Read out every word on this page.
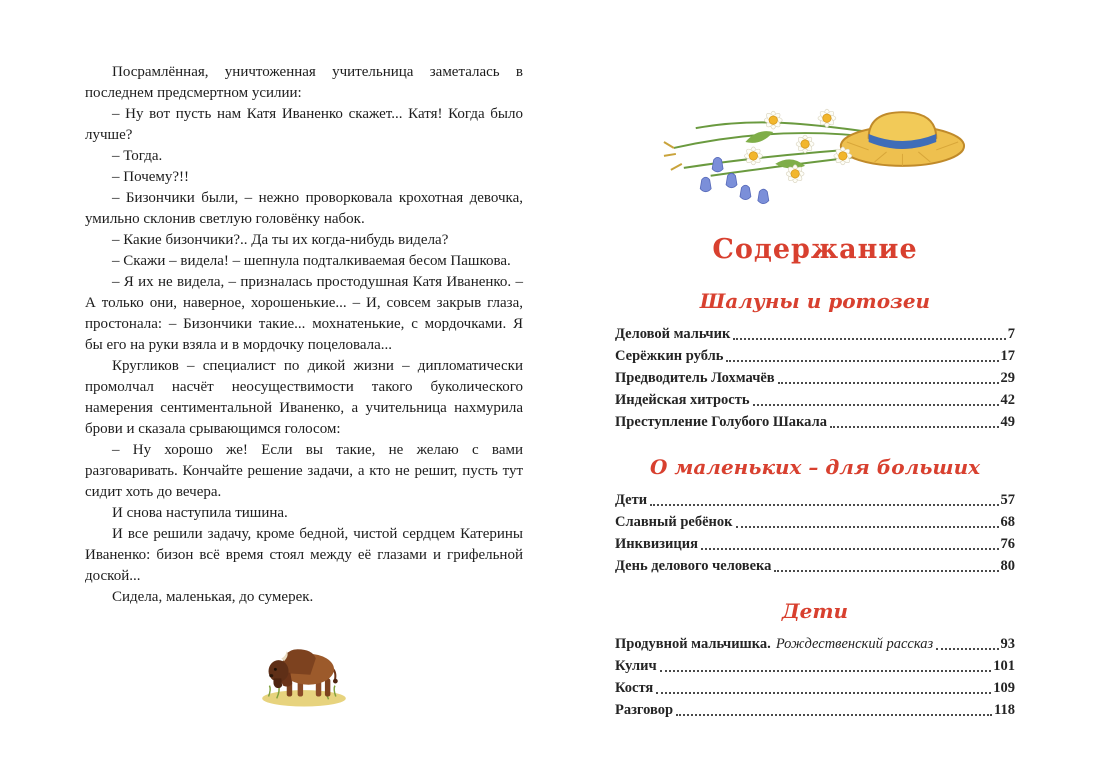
Посрамлённая, уничтоженная учительница заметалась в последнем предсмертном усилии:

– Ну вот пусть нам Катя Иваненко скажет... Катя! Когда было лучше?

– Тогда.

– Почему?!!

– Бизончики были, – нежно проворковала крохотная девочка, умильно склонив светлую головёнку набок.

– Какие бизончики?.. Да ты их когда-нибудь видела?

– Скажи – видела! – шепнула подталкиваемая бесом Пашкова.

– Я их не видела, – призналась простодушная Катя Иваненко. – А только они, наверное, хорошенькие... – И, совсем закрыв глаза, простонала: – Бизончики такие... мохнатенькие, с мордочками. Я бы его на руки взяла и в мордочку поцеловала...

Кругликов – специалист по дикой жизни – дипломатически промолчал насчёт неосуществимости такого буколического намерения сентиментальной Иваненко, а учительница нахмурила брови и сказала срывающимся голосом:

– Ну хорошо же! Если вы такие, не желаю с вами разговаривать. Кончайте решение задачи, а кто не решит, пусть тут сидит хоть до вечера.

И снова наступила тишина.

И все решили задачу, кроме бедной, чистой сердцем Катерины Иваненко: бизон всё время стоял между её глазами и грифельной доской...

Сидела, маленькая, до сумерек.

Содержание
Шалуны и ротозеи
Деловой мальчик	7
Серёжкин рубль	17
Предводитель Лохмачёв	29
Индейская хитрость	42
Преступление Голубого Шакала	49
О маленьких – для больших
Дети	57
Славный ребёнок	68
Инквизиция	76
День делового человека	80
Дети
Продувной мальчишка. Рождественский рассказ	93
Кулич	101
Костя	109
Разговор	118
